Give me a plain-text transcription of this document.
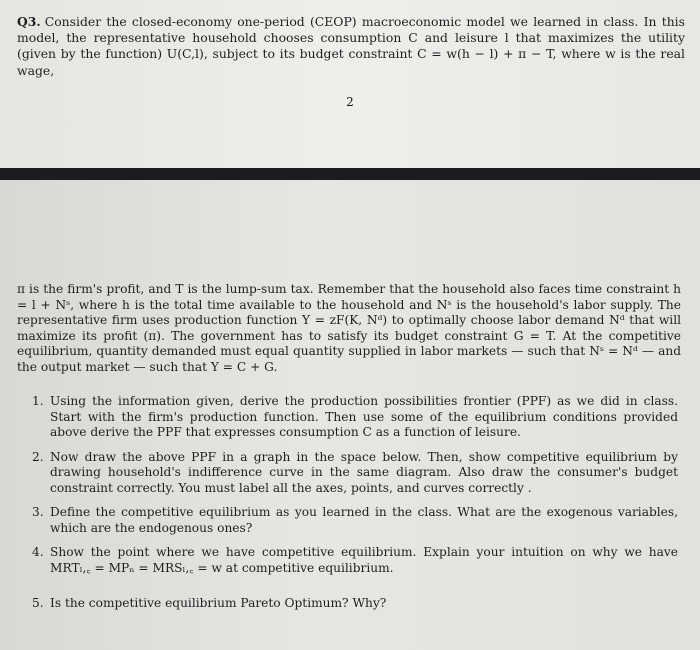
Q3. Consider the closed-economy one-period (CEOP) macroeconomic model we learned in class. In this model, the representative household chooses consumption C and leisure l that maximizes the utility (given by the function) U(C,l), subject to its budget constraint C = w(h − l) + π − T, where w is the real wage,
2
π is the firm's profit, and T is the lump-sum tax. Remember that the household also faces time constraint h = l + Nˢ, where h is the total time available to the household and Nˢ is the household's labor supply. The representative firm uses production function Y = zF(K, Nᵈ) to optimally choose labor demand Nᵈ that will maximize its profit (π). The government has to satisfy its budget constraint G = T. At the competitive equilibrium, quantity demanded must equal quantity supplied in labor markets — such that Nˢ = Nᵈ — and the output market — such that Y = C + G.
1. Using the information given, derive the production possibilities frontier (PPF) as we did in class. Start with the firm's production function. Then use some of the equilibrium conditions provided above derive the PPF that expresses consumption C as a function of leisure.
2. Now draw the above PPF in a graph in the space below. Then, show competitive equilibrium by drawing household's indifference curve in the same diagram. Also draw the consumer's budget constraint correctly. You must label all the axes, points, and curves correctly .
3. Define the competitive equilibrium as you learned in the class. What are the exogenous variables, which are the endogenous ones?
4. Show the point where we have competitive equilibrium. Explain your intuition on why we have MRTₗ,꜀ = MPₙ = MRSₗ,꜀ = w at competitive equilibrium.
5. Is the competitive equilibrium Pareto Optimum? Why?
